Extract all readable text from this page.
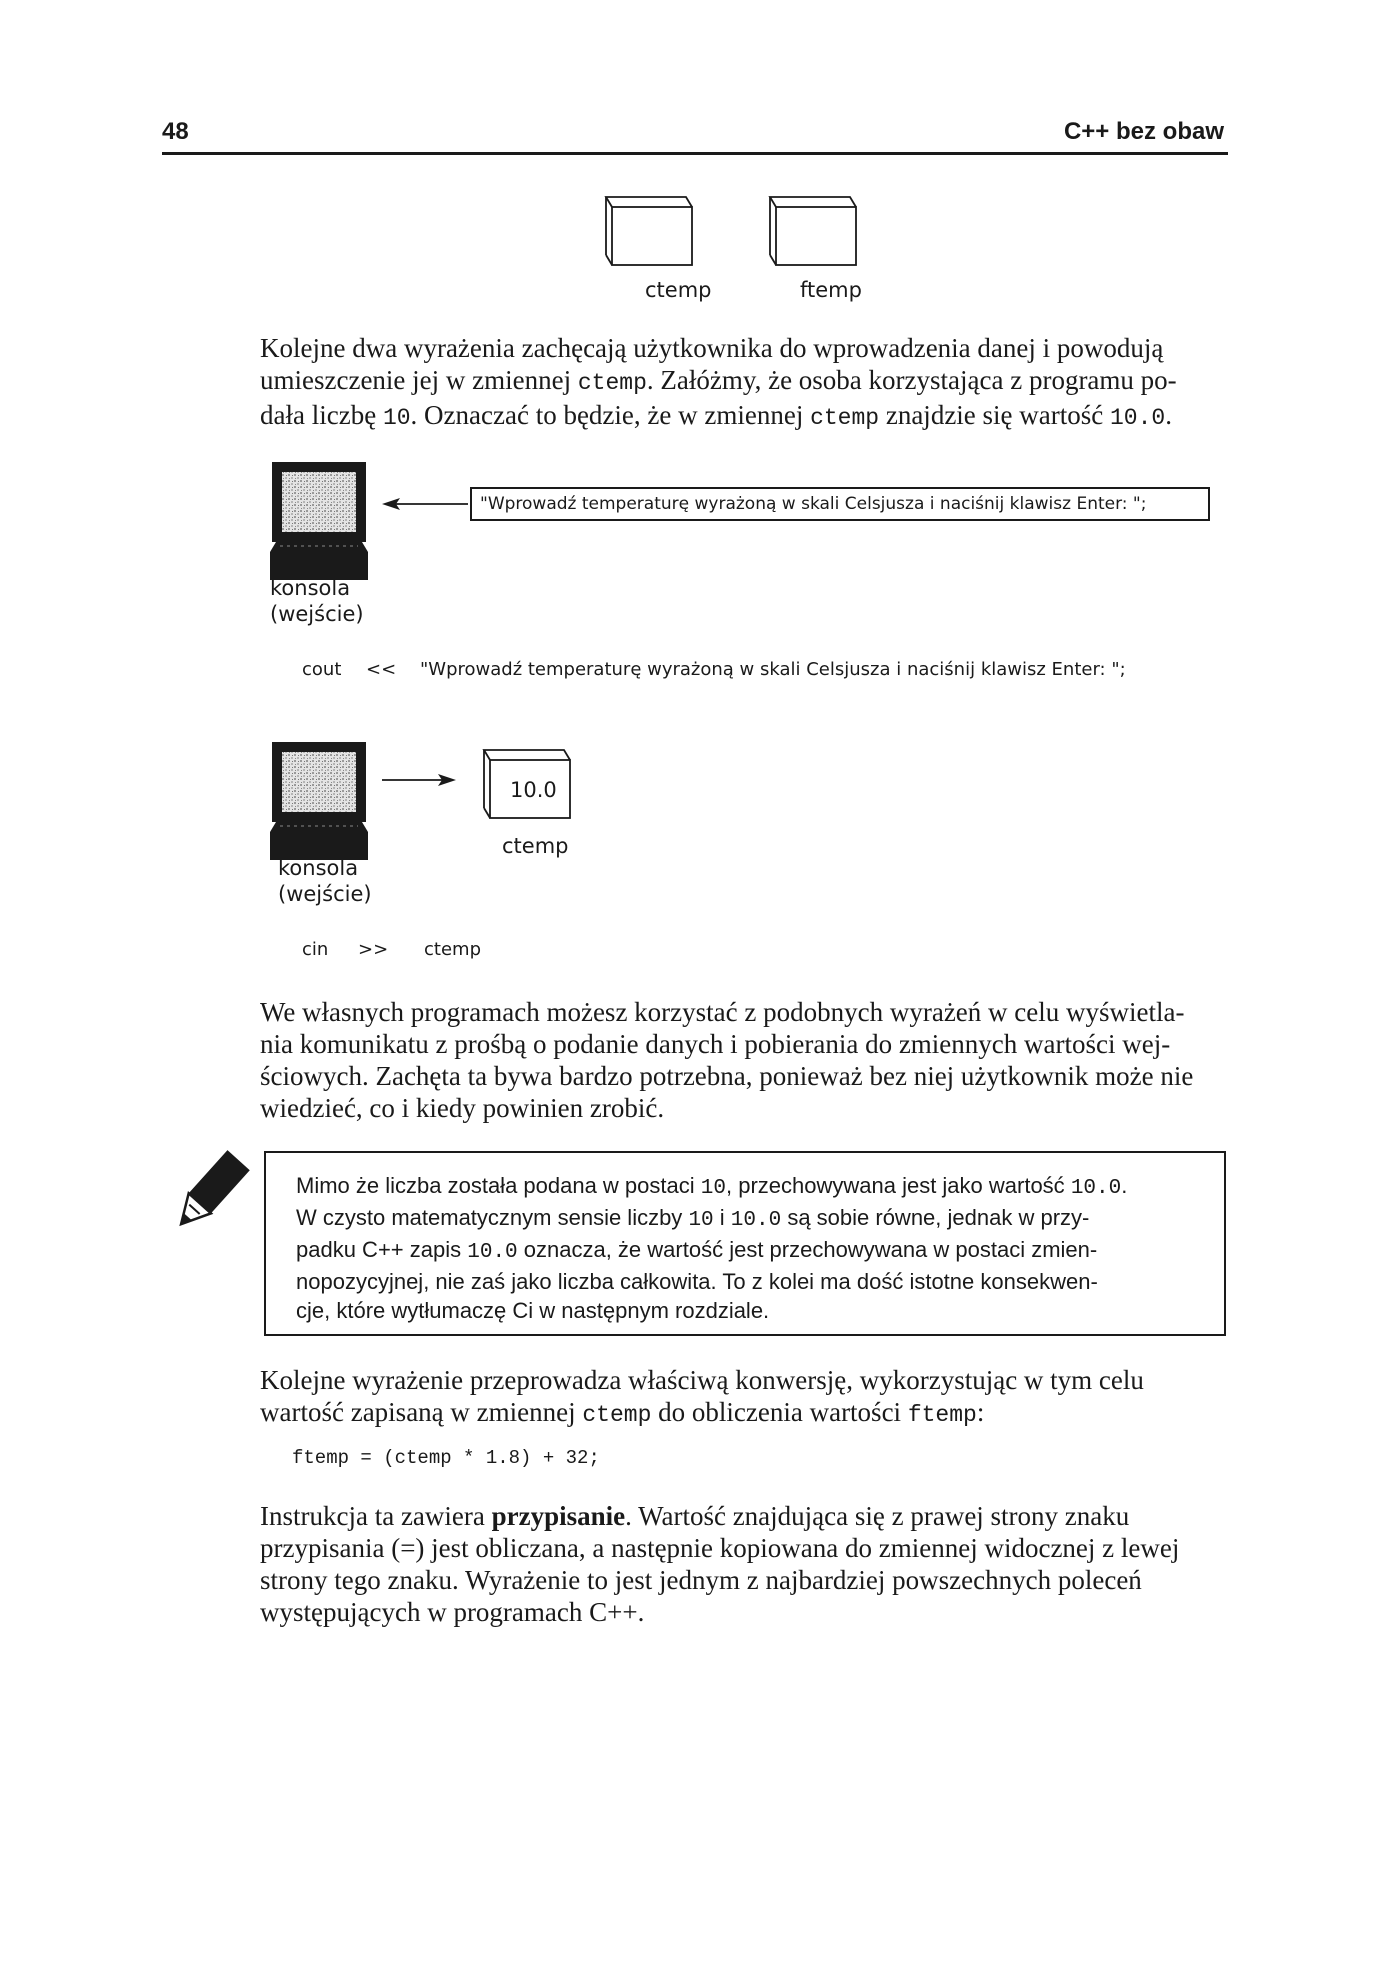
48	C++ bez obaw
ctemp	ftemp
Kolejne dwa wyrażenia zachęcają użytkownika do wprowadzenia danej i powodują
umieszczenie jej w zmiennej ctemp. Załóżmy, że osoba korzystająca z programu po-
dała liczbę 10. Oznaczać to będzie, że w zmiennej ctemp znajdzie się wartość 10.0.
"Wprowadź temperaturę wyrażoną w skali Celsjusza i naciśnij klawisz Enter: ";
konsola
(wejście)
cout << "Wprowadź temperaturę wyrażoną w skali Celsjusza i naciśnij klawisz Enter: ";
10.0
ctemp
konsola
(wejście)
cin >> ctemp
We własnych programach możesz korzystać z podobnych wyrażeń w celu wyświetla-
nia komunikatu z prośbą o podanie danych i pobierania do zmiennych wartości wej-
ściowych. Zachęta ta bywa bardzo potrzebna, ponieważ bez niej użytkownik może nie
wiedzieć, co i kiedy powinien zrobić.
Mimo że liczba została podana w postaci 10, przechowywana jest jako wartość 10.0.
W czysto matematycznym sensie liczby 10 i 10.0 są sobie równe, jednak w przy-
padku C++ zapis 10.0 oznacza, że wartość jest przechowywana w postaci zmien-
nopozycyjnej, nie zaś jako liczba całkowita. To z kolei ma dość istotne konsekwen-
cje, które wytłumaczę Ci w następnym rozdziale.
Kolejne wyrażenie przeprowadza właściwą konwersję, wykorzystując w tym celu
wartość zapisaną w zmiennej ctemp do obliczenia wartości ftemp:
ftemp = (ctemp * 1.8) + 32;
Instrukcja ta zawiera przypisanie. Wartość znajdująca się z prawej strony znaku
przypisania (=) jest obliczana, a następnie kopiowana do zmiennej widocznej z lewej
strony tego znaku. Wyrażenie to jest jednym z najbardziej powszechnych poleceń
występujących w programach C++.
